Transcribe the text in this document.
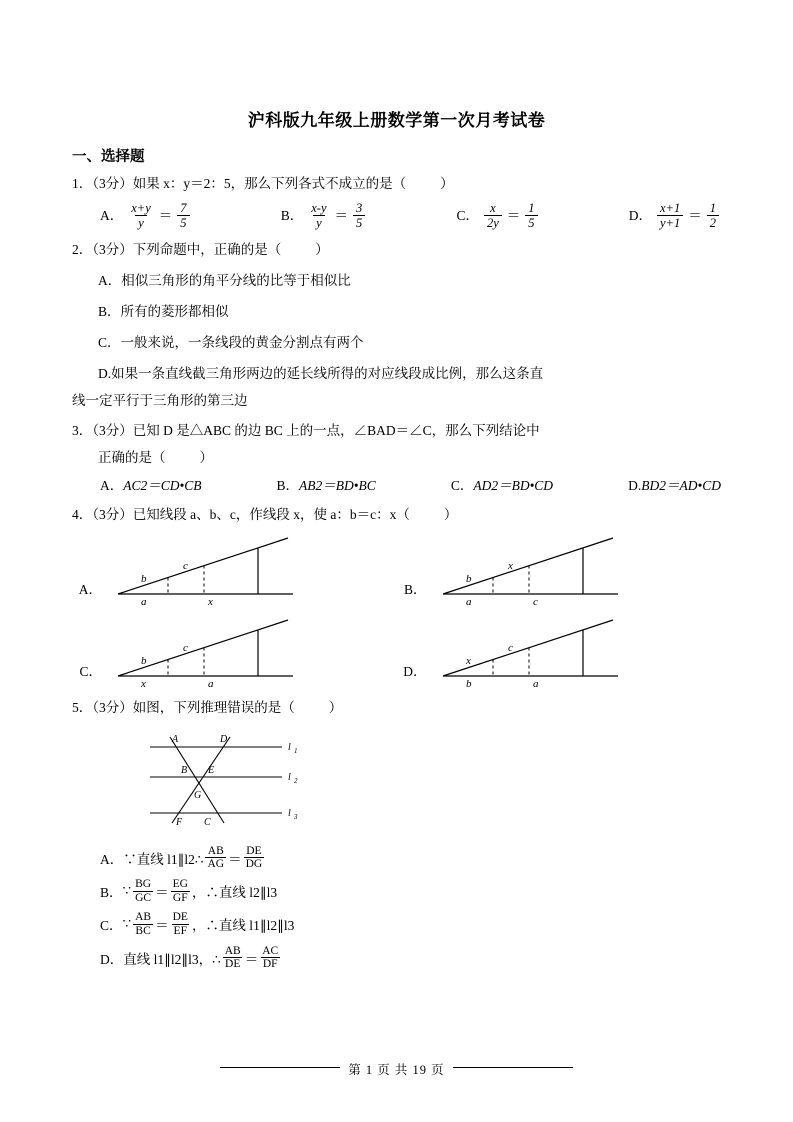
沪科版九年级上册数学第一次月考试卷
一、选择题
1．（3分）如果 x：y＝2：5，那么下列各式不成立的是（	）
A． $\frac{x+y}{y} = \frac{7}{5}$	B． $\frac{x-y}{y} = \frac{3}{5}$	C． $\frac{x}{2y} = \frac{1}{5}$	D． $\frac{x+1}{y+1} = \frac{1}{2}$
2．（3分）下列命题中，正确的是（	）
A．相似三角形的角平分线的比等于相似比
B．所有的菱形都相似
C．一般来说，一条线段的黄金分割点有两个
D.如果一条直线截三角形两边的延长线所得的对应线段成比例，那么这条直
线一定平行于三角形的第三边
3．（3分）已知 D 是△ABC 的边 BC 上的一点，∠BAD＝∠C，那么下列结论中
正确的是（	）
A． AC2＝CD•CB	B． AB2＝BD•BC	C． AD2＝BD•CD	D. BD2＝AD•CD
4．（3分）已知线段 a、b、c，作线段 x，使 a：b＝c：x（	）
A．
b
c
a	x
B．
b
x
a	c
C．
b
c
x	a
D．
x
c
b	a
5．（3分）如图，下列推理错误的是（	）
A	D
B E
G
F C
l 1
l 2
l 3
A． ∵直线 l1∥l2∴ $\frac{AB}{AG} = \frac{DE}{DG}$
B． ∵ $\frac{BG}{GC} = \frac{EG}{GF}$ ，∴直线 l2∥l3
C． ∵ $\frac{AB}{BC} = \frac{DE}{EF}$ ，∴直线 l1∥l2∥l3
D． 直线 l1∥l2∥l3，∴ $\frac{AB}{DE} = \frac{AC}{DF}$
第 1 页 共 19 页
